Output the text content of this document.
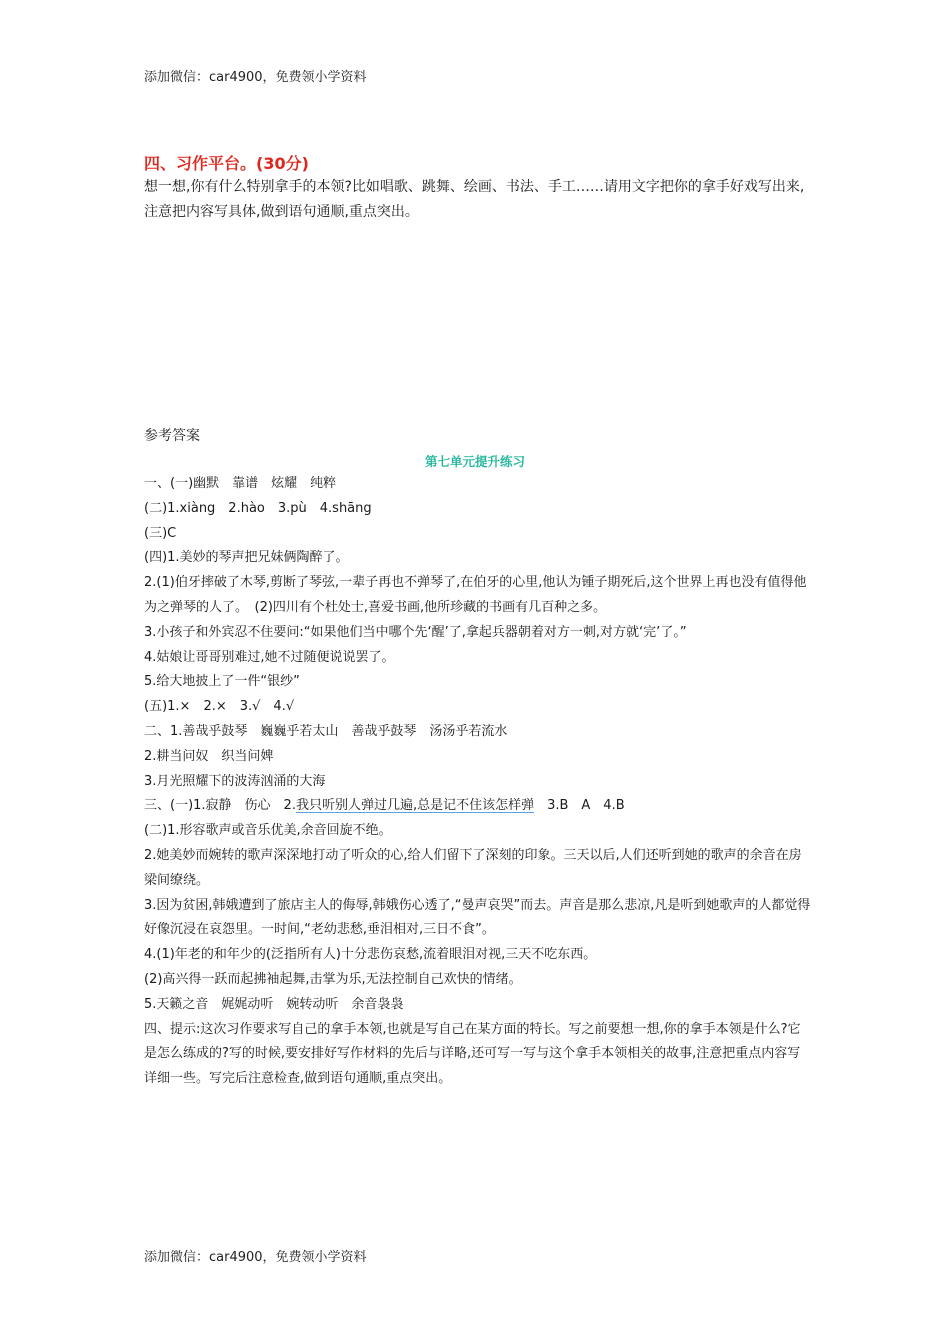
添加微信：car4900，免费领小学资料
四、习作平台。(30分)
想一想,你有什么特别拿手的本领?比如唱歌、跳舞、绘画、书法、手工……请用文字把你的拿手好戏写出来,注意把内容写具体,做到语句通顺,重点突出。
参考答案
第七单元提升练习
一、(一)幽默　靠谱　炫耀　纯粹
(二)1.xiàng　2.hào　3.pù　4.shāng
(三)C
(四)1.美妙的琴声把兄妹俩陶醉了。
2.(1)伯牙摔破了木琴,剪断了琴弦,一辈子再也不弹琴了,在伯牙的心里,他认为锺子期死后,这个世界上再也没有值得他为之弹琴的人了。　(2)四川有个杜处士,喜爱书画,他所珍藏的书画有几百种之多。
3.小孩子和外宾忍不住要问:“如果他们当中哪个先‘醒’了,拿起兵器朝着对方一刺,对方就‘完’了。”
4.姑娘让哥哥别难过,她不过随便说说罢了。
5.给大地披上了一件“银纱”
(五)1.×　2.×　3.√　4.√
二、1.善哉乎鼓琴　巍巍乎若太山　善哉乎鼓琴　汤汤乎若流水
2.耕当问奴　织当问婢
3.月光照耀下的波涛汹涌的大海
三、(一)1.寂静　伤心　2.我只听别人弹过几遍,总是记不住该怎样弹　3.B　A　4.B
(二)1.形容歌声或音乐优美,余音回旋不绝。
2.她美妙而婉转的歌声深深地打动了听众的心,给人们留下了深刻的印象。三天以后,人们还听到她的歌声的余音在房梁间缭绕。
3.因为贫困,韩娥遭到了旅店主人的侮辱,韩娥伤心透了,“曼声哀哭”而去。声音是那么悲凉,凡是听到她歌声的人都觉得好像沉浸在哀怨里。一时间,“老幼悲愁,垂泪相对,三日不食”。
4.(1)年老的和年少的(泛指所有人)十分悲伤哀愁,流着眼泪对视,三天不吃东西。
(2)高兴得一跃而起拂袖起舞,击掌为乐,无法控制自己欢快的情绪。
5.天籁之音　娓娓动听　婉转动听　余音袅袅
四、提示:这次习作要求写自己的拿手本领,也就是写自己在某方面的特长。写之前要想一想,你的拿手本领是什么?它是怎么练成的?写的时候,要安排好写作材料的先后与详略,还可写一写与这个拿手本领相关的故事,注意把重点内容写详细一些。写完后注意检查,做到语句通顺,重点突出。
添加微信：car4900，免费领小学资料
